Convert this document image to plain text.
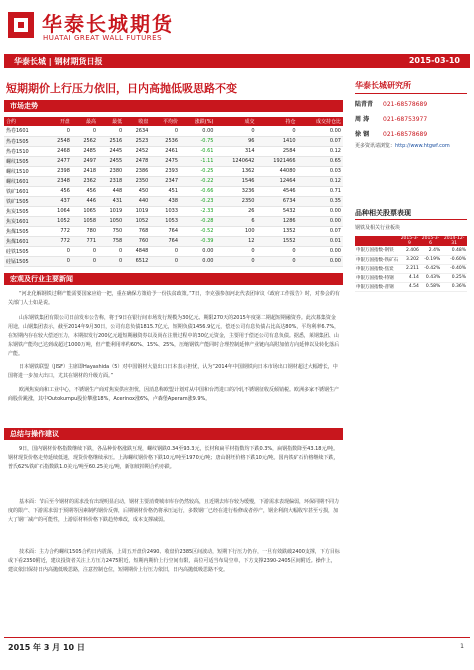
华泰长城期货
HUATAI GREAT WALL FUTURES
华泰长城 | 钢材期货日报	2015-03-10
短期期价上行压力依旧，日内高抛低吸思路不变
市场走势
合约	开盘	最高	最低	收盘	平均价	涨跌(%)	成交	持仓	成交持仓比
热卷1601	0	0	0	2634	0	0.00	0	0	0.00
热卷1505	2548	2562	2516	2523	2536	-0.75	96	1410	0.07
热卷1510	2468	2485	2445	2452	2461	-0.61	314	2584	0.12
螺纹1505	2477	2497	2455	2478	2475	-1.11	1240642	1921466	0.65
螺纹1510	2398	2418	2380	2386	2393	-0.25	1362	44080	0.03
螺纹1601	2348	2362	2318	2350	2347	-0.22	1546	12464	0.12
铁矿1601	456	456	448	450	451	-0.66	3236	4546	0.71
铁矿1505	437	446	431	440	438	-0.23	2350	6734	0.35
焦炭1505	1064	1065	1019	1019	1033	-2.33	26	5432	0.00
焦炭1601	1052	1058	1050	1052	1053	-0.28	6	1286	0.00
焦煤1505	772	780	750	768	764	-0.52	100	1352	0.07
焦煤1601	772	771	758	760	764	-0.39	12	1552	0.01
硅铁1505	0	0	0	4848	0	0.00	0	0	0.00
硅锰1505	0	0	0	6512	0	0.00	0	0	0.00
宏观及行业主要新闻
“河北化解钢铁过剩产能需要国家应给一把，重在确保方策给予一份扶贫政策。”7日，李克强参加河北代表团审议《政府工作报告》时，对参会的有关部门人士如是说。
山东钢铁集团有限公司日前发布公告称，将于9日在银行间市场发行规模为30亿元、期限270天的2015年度第二期超短期融资券。此次募集资金用途，山钢集团表示，截至2014年9月30日，公司有息负债1815.7亿元，短期负债1456.9亿元，偿还公司有息负债占比高达80%，平均利率6.7%，在短期内存在较大偿还压力，本期拟发行200亿元超短期融资券以及尚在注册过程中的30亿元资金，主要用于偿还公司有息负债。据悉，莱钢集团、山东钢铁产能均已达到或超过1000万吨，但产能利用率约60%、15%、25%，压缩钢铁产能同时合理控制延伸产业链向高附加值方向延伸以及转化落后产能。
日本钢铁联盟（JISF）主席即Hayashida（5）对中国钢材大量出口日本表示担忧，认为“2014年中国钢铁向日本市场出口钢材超过大幅增长，中国将进一步加大出口，尤其在钢材的升级方面。”
欧洲焦炭商和工业中心，不锈钢生产商对焦炭供应担忧，因消息称欧盟计划对从中国和台湾进口的冷轧不锈钢征收反倾销税。欧洲多家不锈钢生产商股价跳涨，其中Outokumpu股价攀涨18%，Acerinox涨6%，卢森堡Aperam涨9.9%。
总结与操作建议
9日，国内钢材价格指数继续下跌，各品种价格涨跌互现，螺纹钢跌0.34至93.3元，长材和扁平材指数均下跌0.3%，扁钢指数降至43.18元/吨。钢材现货价格走势延续低迷，现货价格继续承压。上海螺纹钢价格下跌10元/吨至1970元/吨；唐山钢坯价格下跌10元/吨。国内铁矿石价格继续下跌，普氏62%铁矿石指数跌1.0美元/吨至60.25美元/吨，新加坡掉期合约亦跌。
基本面：节后至今钢材的需求没有出现明显启动，钢材主要消费城市库存仍然较高，且近期去库存较为缓慢，下游需求表现偏弱，环保同期不同力度的限产、下游需求弱于预期等因素制约钢价反弹，后期钢材价格仍将承压运行，多数钢厂已经在进行检修或者停产，钢企利润大幅收窄甚至亏损，加大了钢厂减产的可能性，上游原材料价格下跌趋势难改，成本支撑减弱。
技术面：主力合约螺纹1505合约日内震荡，上周五开盘价2490、收盘价2385区间波动，短期下行压力仍存，一旦有效跌破2400支撑，下方目标或下看2350附近，建议投资者关注上方压力2475附近，短期内期价上行空间有限，高位可适当布局空单，下方支撑2390-2405区间附近。操作上，建议依旧保持日内高抛低吸思路，注意控制仓位，短期期价上行压力依旧，日内高抛低吸思路不变。
华泰长城研究所
陆青青 021-68578689
周 涛 021-68753977
徐 钢 021-68578689
更多资讯请浏览：http://www.htgwf.com
品种相关股票表现
钢铁及相关行业板块
	2015-3-9	2015-3-6	2014-12-31
申银万国指数-钢铁	2.406	2.4%	0.48%
申银万国指数-铁矿石	3.202	-0.19%	-0.60%
申银万国指数-焦炭	2.211	-0.42%	-0.40%
申银万国指数-特钢	4.14	0.43%	0.25%
申银万国指数-普钢	4.54	0.58%	0.36%
2015 年 3 月 10 日	1
